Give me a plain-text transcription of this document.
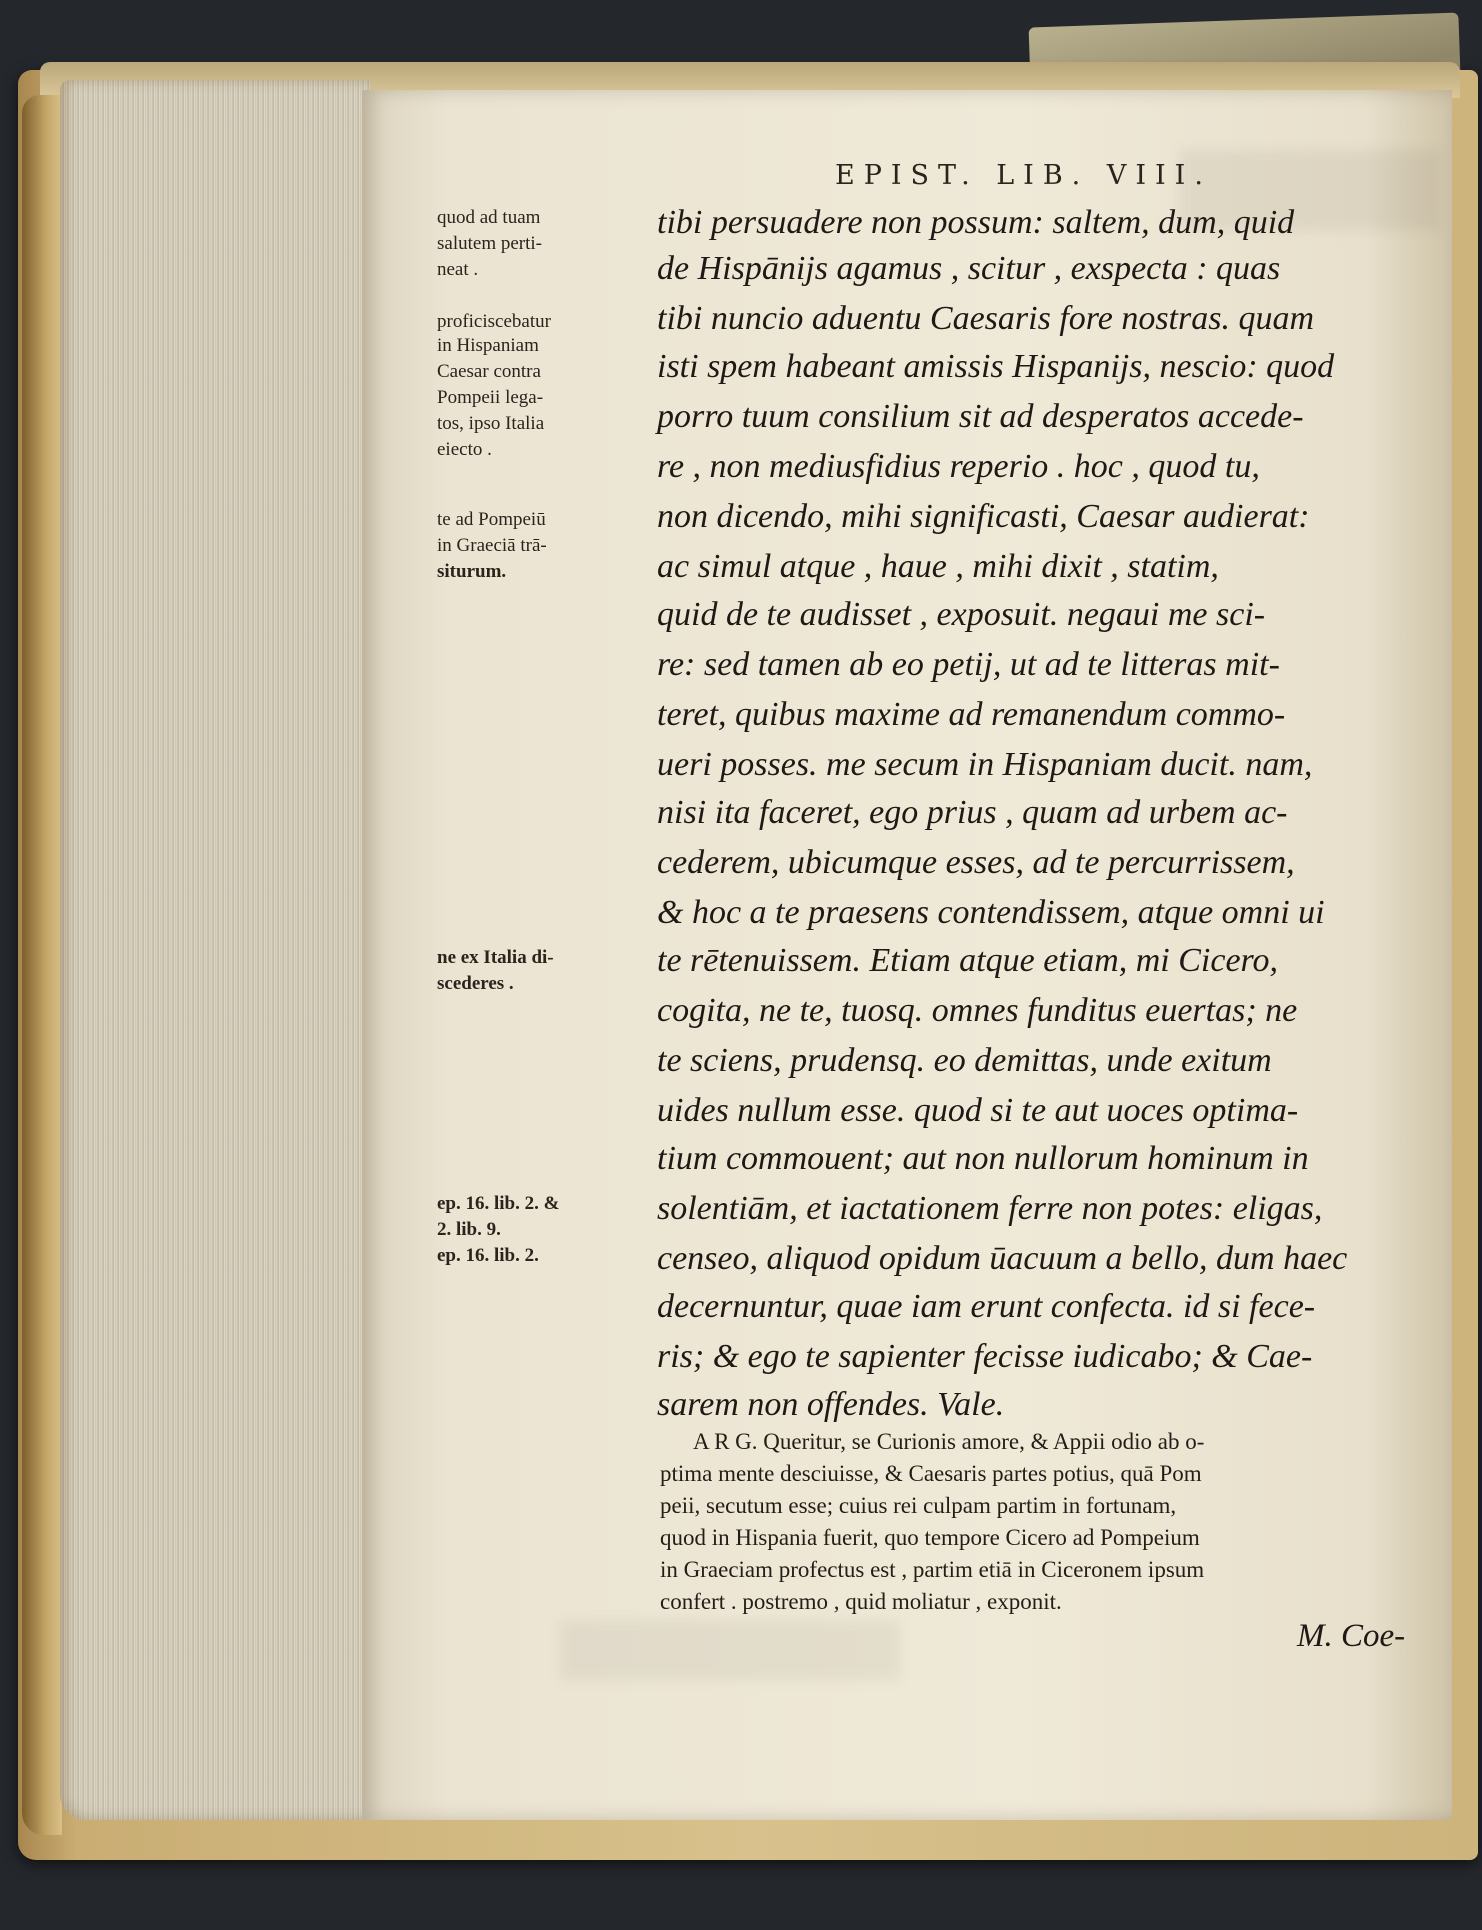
EPIST. LIB. VIII.
quod ad tuam
salutem perti-
neat .
proficiscebatur
in Hispaniam
Caesar contra
Pompeii lega-
tos, ipso Italia
eiecto .
te ad Pompeiū
in Graeciā trā-
siturum.
ne ex Italia di-
scederes .
ep. 16. lib. 2. &
2. lib. 9.
ep. 16. lib. 2.
tibi persuadere non possum: saltem, dum, quid
de Hispānijs agamus , scitur , exspecta : quas
tibi nuncio aduentu Caesaris fore nostras. quam
isti spem habeant amissis Hispanijs, nescio: quod
porro tuum consilium sit ad desperatos accede-
re , non mediusfidius reperio . hoc , quod tu,
non dicendo, mihi significasti, Caesar audierat:
ac simul atque , haue , mihi dixit , statim,
quid de te audisset , exposuit. negaui me sci-
re: sed tamen ab eo petij, ut ad te litteras mit-
teret, quibus maxime ad remanendum commo-
ueri posses. me secum in Hispaniam ducit. nam,
nisi ita faceret, ego prius , quam ad urbem ac-
cederem, ubicumque esses, ad te percurrissem,
& hoc a te praesens contendissem, atque omni ui
te rētenuissem. Etiam atque etiam, mi Cicero,
cogita, ne te, tuosq. omnes funditus euertas; ne
te sciens, prudensq. eo demittas, unde exitum
uides nullum esse. quod si te aut uoces optima-
tium commouent; aut non nullorum hominum in
solentiām, et iactationem ferre non potes: eligas,
censeo, aliquod opidum ūacuum a bello, dum haec
decernuntur, quae iam erunt confecta. id si fece-
ris; & ego te sapienter fecisse iudicabo; & Cae-
sarem non offendes. Vale.
A R G. Queritur, se Curionis amore, & Appii odio ab o-
ptima mente desciuisse, & Caesaris partes potius, quā Pom
peii, secutum esse; cuius rei culpam partim in fortunam,
quod in Hispania fuerit, quo tempore Cicero ad Pompeium
in Graeciam profectus est , partim etiā in Ciceronem ipsum
confert . postremo , quid moliatur , exponit.
M. Coe-
